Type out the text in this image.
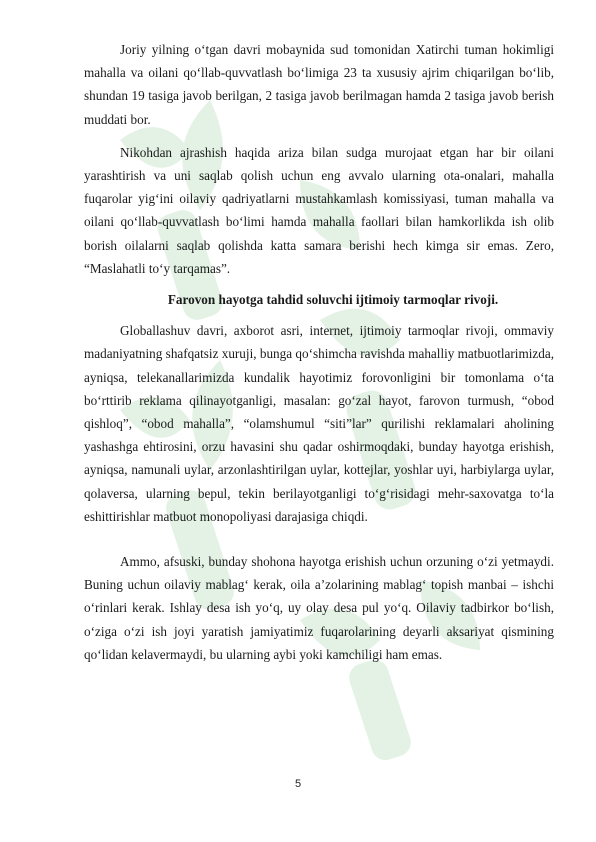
Joriy yilning o‘tgan davri mobaynida sud tomonidan Xatirchi tuman hokimligi mahalla va oilani qo‘llab-quvvatlash bo‘limiga 23 ta xususiy ajrim chiqarilgan bo‘lib, shundan 19 tasiga javob berilgan, 2 tasiga javob berilmagan hamda 2 tasiga javob berish muddati bor.

Nikohdan ajrashish haqida ariza bilan sudga murojaat etgan har bir oilani yarashtirish va uni saqlab qolish uchun eng avvalo ularning ota-onalari, mahalla fuqarolar yig‘ini oilaviy qadriyatlarni mustahkamlash komissiyasi, tuman mahalla va oilani qo‘llab-quvvatlash bo‘limi hamda mahalla faollari bilan hamkorlikda ish olib borish oilalarni saqlab qolishda katta samara berishi hech kimga sir emas. Zero, “Maslahatli to‘y tarqamas”.

Farovon hayotga tahdid soluvchi ijtimoiy tarmoqlar rivoji.

Globallashuv davri, axborot asri, internet, ijtimoiy tarmoqlar rivoji, ommaviy madaniyatning shafqatsiz xuruji, bunga qo‘shimcha ravishda mahalliy matbuotlarimizda, ayniqsa, telekanallarimizda kundalik hayotimiz forovonligini bir tomonlama o‘ta bo‘rttirib reklama qilinayotganligi, masalan: go‘zal hayot, farovon turmush, “obod qishloq”, “obod mahalla”, “olamshumul “siti”lar” qurilishi reklamalari aholining yashashga ehtirosini, orzu havasini shu qadar oshirmoqdaki, bunday hayotga erishish, ayniqsa, namunali uylar, arzonlashtirilgan uylar, kottejlar, yoshlar uyi, harbiylarga uylar, qolaversa, ularning bepul, tekin berilayotganligi to‘g‘risidagi mehr-saxovatga to‘la eshittirishlar matbuot monopoliyasi darajasiga chiqdi.

Ammo, afsuski, bunday shohona hayotga erishish uchun orzuning o‘zi yetmaydi. Buning uchun oilaviy mablag‘ kerak, oila a’zolarining mablag‘ topish manbai – ishchi o‘rinlari kerak. Ishlay desa ish yo‘q, uy olay desa pul yo‘q. Oilaviy tadbirkor bo‘lish, o‘ziga o‘zi ish joyi yaratish jamiyatimiz fuqarolarining deyarli aksariyat qismining qo‘lidan kelavermaydi, bu ularning aybi yoki kamchiligi ham emas.

5
